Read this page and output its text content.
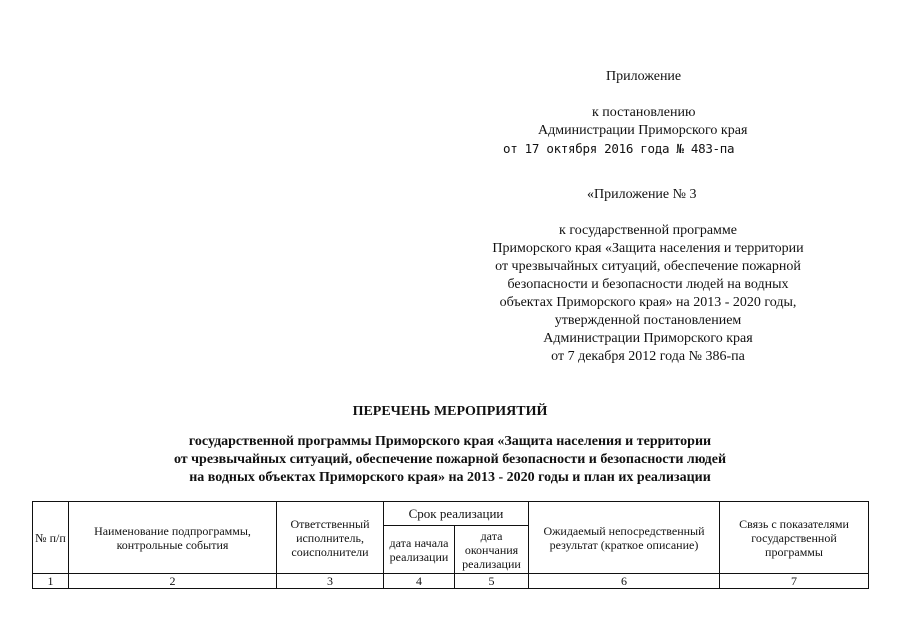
Приложение
к постановлению
Администрации Приморского края
от 17 октября 2016 года № 483-па
«Приложение № 3
к государственной программе
Приморского края «Защита населения и территории
от чрезвычайных ситуаций, обеспечение пожарной
безопасности и безопасности людей на водных
объектах Приморского края» на 2013 - 2020 годы,
утвержденной постановлением
Администрации Приморского края
от 7 декабря 2012 года № 386-па
ПЕРЕЧЕНЬ МЕРОПРИЯТИЙ
государственной программы Приморского края «Защита населения и территории
от чрезвычайных ситуаций, обеспечение пожарной безопасности и безопасности людей
на водных объектах Приморского края» на 2013 - 2020 годы и план их реализации
№ п/п	Наименование подпрограммы, контрольные события	Ответственный исполнитель, соисполнители	Срок реализации		Ожидаемый непосредственный результат (краткое описание)	Связь с показателями государственной программы
			дата начала реализации	дата окончания реализации		
1	2	3	4	5	6	7
